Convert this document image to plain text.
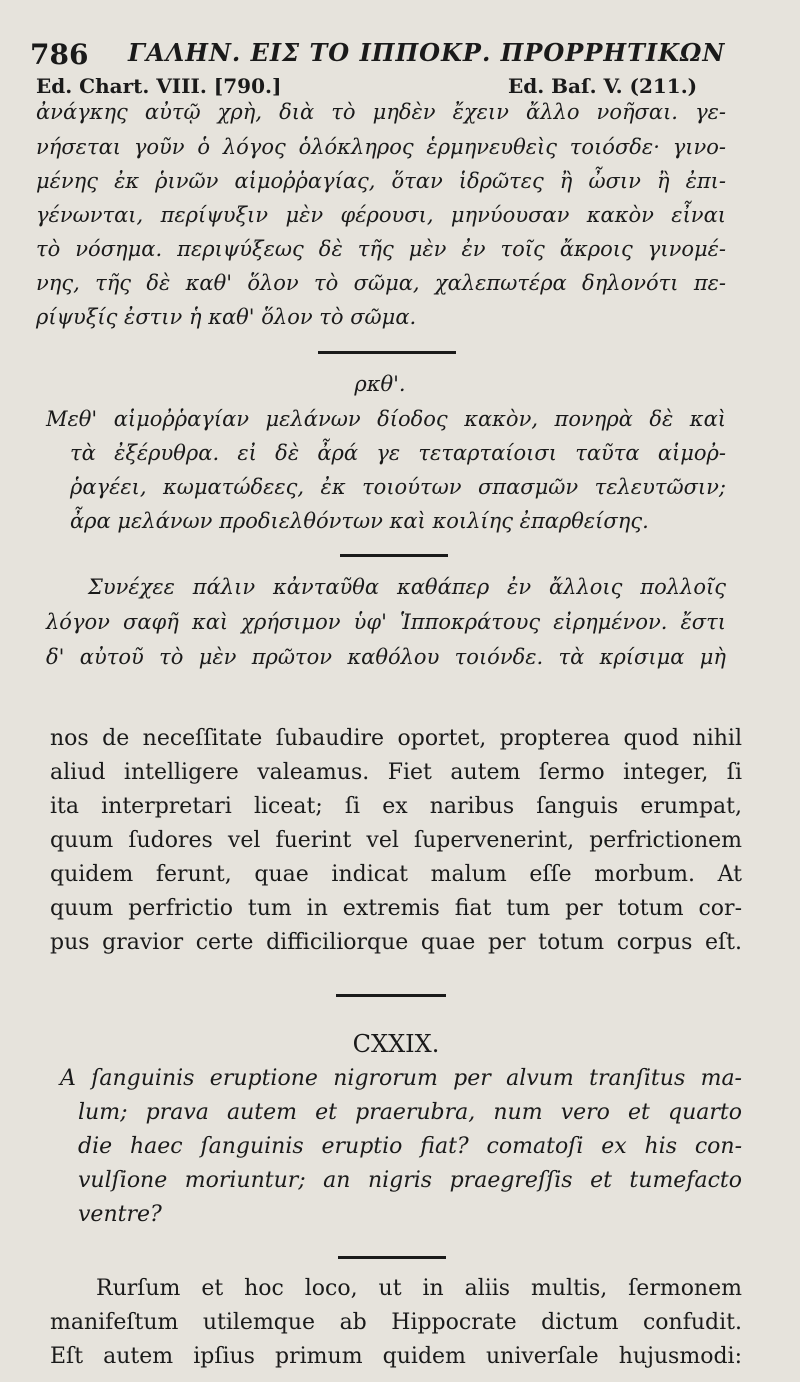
786 ΓΑΛΗΝ. ΕΙΣ ΤΟ ΙΠΠΟΚΡ. ΠΡΟΡΡΗΤΙΚΩΝ
Ed. Chart. VIII. [790.]	Ed. Baſ. V. (211.)
ἀνάγκης αὐτῷ χρὴ, διὰ τὸ μηδὲν ἔχειν ἄλλο νοῆσαι. γε-
νήσεται γοῦν ὁ λόγος ὁλόκληρος ἑρμηνευθεὶς τοιόσδε· γινο-
μένης ἐκ ῥινῶν αἱμοῤῥαγίας, ὅταν ἱδρῶτες ἢ ὦσιν ἢ ἐπι-
γένωνται, περίψυξιν μὲν φέρουσι, μηνύουσαν κακὸν εἶναι
τὸ νόσημα. περιψύξεως δὲ τῆς μὲν ἐν τοῖς ἄκροις γινομέ-
νης, τῆς δὲ καθ' ὅλον τὸ σῶμα, χαλεπωτέρα δηλονότι πε-
ρίψυξίς ἐστιν ἡ καθ' ὅλον τὸ σῶμα.
ρκθ'.
Μεθ' αἱμοῤῥαγίαν μελάνων δίοδος κακὸν, πονηρὰ δὲ καὶ
τὰ ἐξέρυθρα. εἰ δὲ ἆρά γε τεταρταίοισι ταῦτα αἱμοῤ-
ῥαγέει, κωματώδεες, ἐκ τοιούτων σπασμῶν τελευτῶσιν;
ἆρα μελάνων προδιελθόντων καὶ κοιλίης ἐπαρθείσης.
Συνέχεε πάλιν κἀνταῦθα καθάπερ ἐν ἄλλοις πολλοῖς
λόγον σαφῆ καὶ χρήσιμον ὑφ' Ἱπποκράτους εἰρημένον. ἔστι
δ' αὐτοῦ τὸ μὲν πρῶτον καθόλου τοιόνδε. τὰ κρίσιμα μὴ
nos de neceſſitate ſubaudire oportet, propterea quod nihil
aliud intelligere valeamus. Fiet autem ſermo integer, ſi
ita interpretari liceat; ſi ex naribus ſanguis erumpat,
quum ſudores vel fuerint vel ſupervenerint, perfrictionem
quidem ferunt, quae indicat malum eſſe morbum. At
quum perfrictio tum in extremis fiat tum per totum cor-
pus gravior certe difficiliorque quae per totum corpus eſt.
CXXIX.
A ſanguinis eruptione nigrorum per alvum tranſitus ma-
lum; prava autem et praerubra, num vero et quarto
die haec ſanguinis eruptio fiat? comatoſi ex his con-
vulſione moriuntur; an nigris praegreſſis et tumefacto
ventre?
Rurſum et hoc loco, ut in aliis multis, ſermonem
manifeſtum utilemque ab Hippocrate dictum confudit.
Eſt autem ipſius primum quidem univerſale hujusmodi:
